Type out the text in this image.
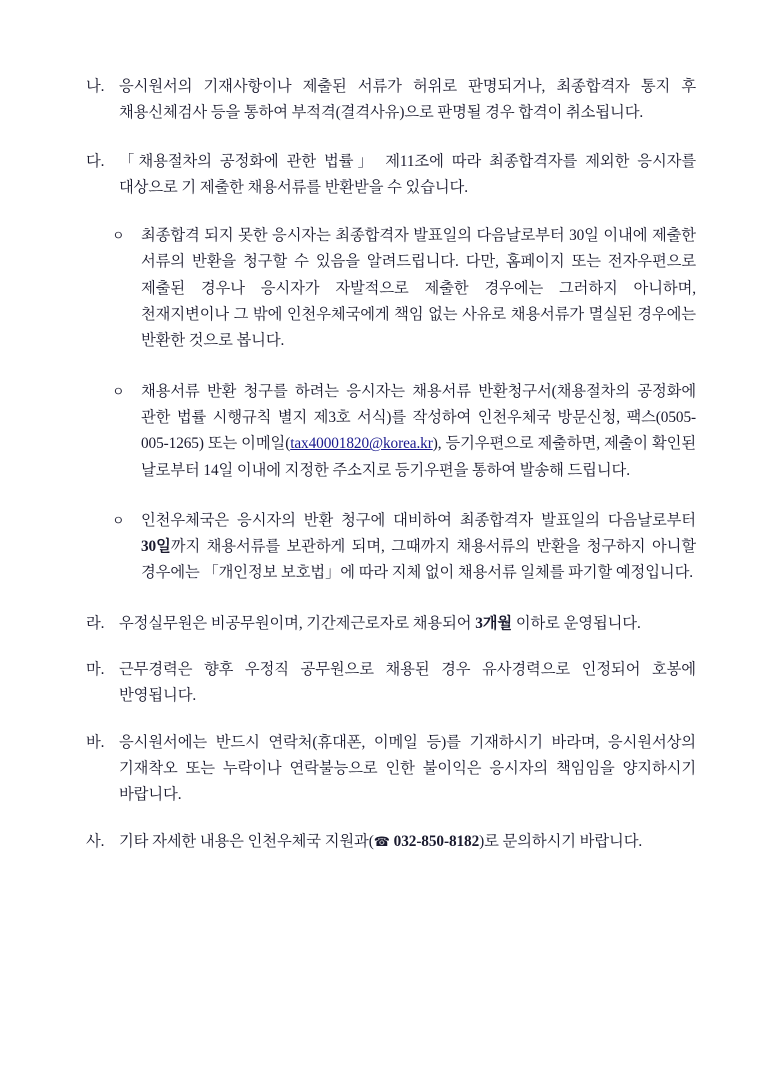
나. 응시원서의 기재사항이나 제출된 서류가 허위로 판명되거나, 최종합격자 통지 후 채용신체검사 등을 통하여 부적격(결격사유)으로 판명될 경우 합격이 취소됩니다.
다. 「채용절차의 공정화에 관한 법률」 제11조에 따라 최종합격자를 제외한 응시자를 대상으로 기 제출한 채용서류를 반환받을 수 있습니다.
ㅇ	최종합격 되지 못한 응시자는 최종합격자 발표일의 다음날로부터 30일 이내에 제출한 서류의 반환을 청구할 수 있음을 알려드립니다. 다만, 홈페이지 또는 전자우편으로 제출된 경우나 응시자가 자발적으로 제출한 경우에는 그러하지 아니하며, 천재지변이나 그 밖에 인천우체국에게 책임 없는 사유로 채용서류가 멸실된 경우에는 반환한 것으로 봅니다.
ㅇ	채용서류 반환 청구를 하려는 응시자는 채용서류 반환청구서(채용절차의 공정화에 관한 법률 시행규칙 별지 제3호 서식)를 작성하여 인천우체국 방문신청, 팩스(0505-005-1265) 또는 이메일(tax40001820@korea.kr), 등기우편으로 제출하면, 제출이 확인된 날로부터 14일 이내에 지정한 주소지로 등기우편을 통하여 발송해 드립니다.
ㅇ	인천우체국은 응시자의 반환 청구에 대비하여 최종합격자 발표일의 다음날로부터 30일까지 채용서류를 보관하게 되며, 그때까지 채용서류의 반환을 청구하지 아니할 경우에는 「개인정보 보호법」에 따라 지체 없이 채용서류 일체를 파기할 예정입니다.
라. 우정실무원은 비공무원이며, 기간제근로자로 채용되어 3개월 이하로 운영됩니다.
마. 근무경력은 향후 우정직 공무원으로 채용된 경우 유사경력으로 인정되어 호봉에 반영됩니다.
바. 응시원서에는 반드시 연락처(휴대폰, 이메일 등)를 기재하시기 바라며, 응시원서상의 기재착오 또는 누락이나 연락불능으로 인한 불이익은 응시자의 책임임을 양지하시기 바랍니다.
사. 기타 자세한 내용은 인천우체국 지원과(☎ 032-850-8182)로 문의하시기 바랍니다.
